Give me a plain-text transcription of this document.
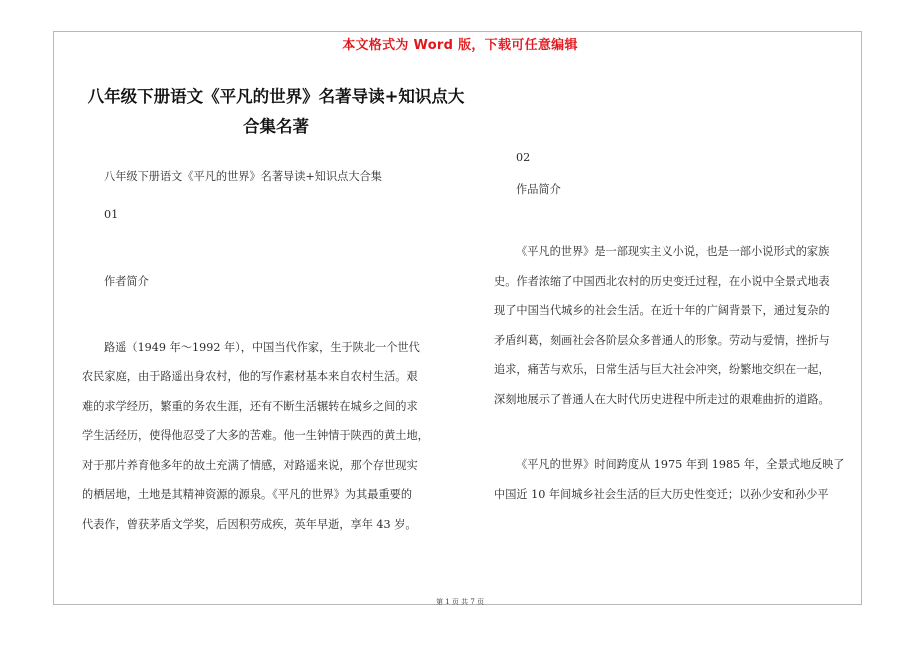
本文格式为 Word 版，下载可任意编辑
八年级下册语文《平凡的世界》名著导读+知识点大
合集名著
八年级下册语文《平凡的世界》名著导读+知识点大合集
01
作者简介
路遥（1949 年～1992 年），中国当代作家，生于陕北一个世代
农民家庭，由于路遥出身农村，他的写作素材基本来自农村生活。艰
难的求学经历，繁重的务农生涯，还有不断生活辗转在城乡之间的求
学生活经历，使得他忍受了大多的苦难。他一生钟情于陕西的黄土地，
对于那片养育他多年的故土充满了情感，对路遥来说，那个存世现实
的栖居地，土地是其精神资源的源泉。《平凡的世界》为其最重要的
代表作，曾获茅盾文学奖，后因积劳成疾，英年早逝，享年 43 岁。
02
作品简介
《平凡的世界》是一部现实主义小说，也是一部小说形式的家族
史。作者浓缩了中国西北农村的历史变迁过程，在小说中全景式地表
现了中国当代城乡的社会生活。在近十年的广阔背景下，通过复杂的
矛盾纠葛，刻画社会各阶层众多普通人的形象。劳动与爱情，挫折与
追求，痛苦与欢乐，日常生活与巨大社会冲突，纷繁地交织在一起，
深刻地展示了普通人在大时代历史进程中所走过的艰难曲折的道路。
《平凡的世界》时间跨度从 1975 年到 1985 年，全景式地反映了
中国近 10 年间城乡社会生活的巨大历史性变迁；以孙少安和孙少平
第 1 页 共 7 页
